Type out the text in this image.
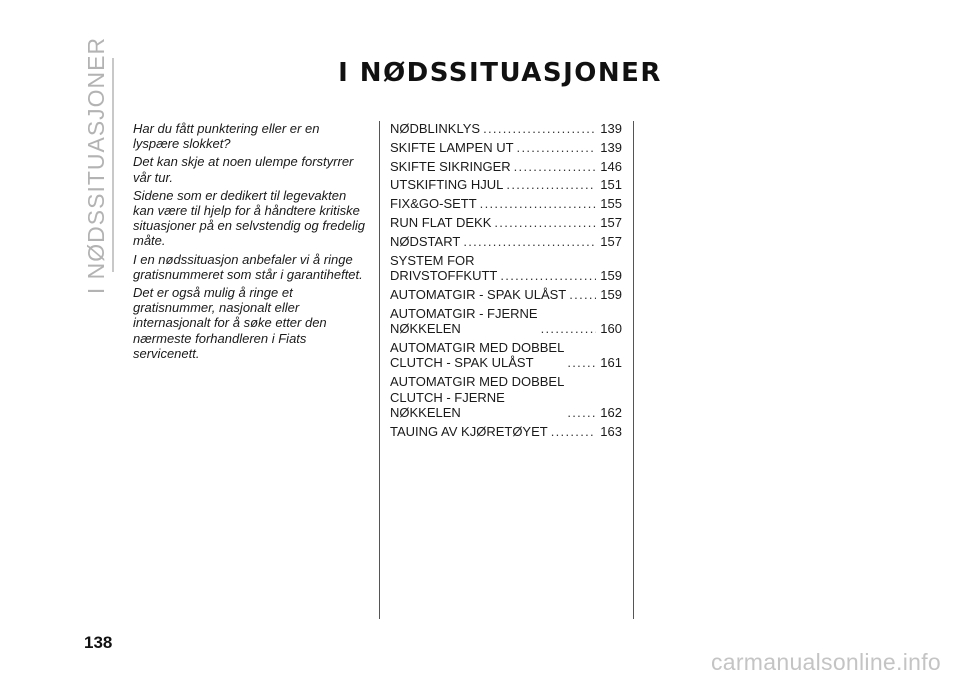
I NØDSSITUASJONER	I NØDSSITUASJONER

Har du fått punktering eller er en lyspære slokket?

Det kan skje at noen ulempe forstyrrer vår tur.

Sidene som er dedikert til legevakten kan være til hjelp for å håndtere kritiske situasjoner på en selvstendig og fredelig måte.

I en nødssituasjon anbefaler vi å ringe gratisnummeret som står i garantiheftet.

Det er også mulig å ringe et gratisnummer, nasjonalt eller internasjonalt for å søke etter den nærmeste forhandleren i Fiats servicenett.

NØDBLINKLYS .....	139
SKIFTE LAMPEN UT .....	139
SKIFTE SIKRINGER .....	146
UTSKIFTING HJUL .....	151
FIX&GO-SETT .....	155
RUN FLAT DEKK .....	157
NØDSTART .....	157
SYSTEM FOR
DRIVSTOFFKUTT .....	159
AUTOMATGIR - SPAK ULÅST .....	159
AUTOMATGIR - FJERNE
NØKKELEN .....	160
AUTOMATGIR MED DOBBEL
CLUTCH - SPAK ULÅST .....	161
AUTOMATGIR MED DOBBEL
CLUTCH - FJERNE
NØKKELEN .....	162
TAUING AV KJØRETØYET .....	163
138
carmanualsonline.info
